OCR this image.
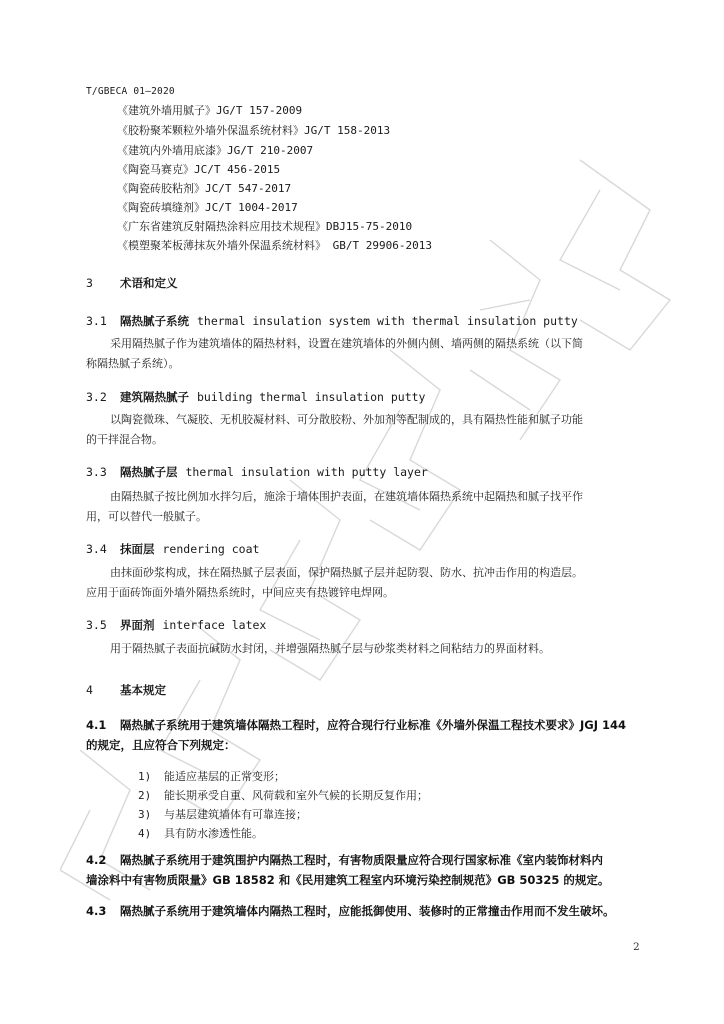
T/GBECA 01—2020
《建筑外墙用腻子》JG/T 157-2009
《胶粉聚苯颗粒外墙外保温系统材料》JG/T 158-2013
《建筑内外墙用底漆》JG/T 210-2007
《陶瓷马赛克》JC/T 456-2015
《陶瓷砖胶粘剂》JC/T 547-2017
《陶瓷砖填缝剂》JC/T 1004-2017
《广东省建筑反射隔热涂料应用技术规程》DBJ15-75-2010
《模塑聚苯板薄抹灰外墙外保温系统材料》 GB/T 29906-2013
3 术语和定义
3.1 隔热腻子系统 thermal insulation system with thermal insulation putty
采用隔热腻子作为建筑墙体的隔热材料，设置在建筑墙体的外侧内侧、墙两侧的隔热系统（以下简
称隔热腻子系统）。
3.2 建筑隔热腻子 building thermal insulation putty
以陶瓷微珠、气凝胶、无机胶凝材料、可分散胶粉、外加剂等配制成的，具有隔热性能和腻子功能
的干拌混合物。
3.3 隔热腻子层 thermal insulation with putty layer
由隔热腻子按比例加水拌匀后，施涂于墙体围护表面，在建筑墙体隔热系统中起隔热和腻子找平作
用，可以替代一般腻子。
3.4 抹面层 rendering coat
由抹面砂浆构成，抹在隔热腻子层表面，保护隔热腻子层并起防裂、防水、抗冲击作用的构造层。
应用于面砖饰面外墙外隔热系统时，中间应夹有热镀锌电焊网。
3.5 界面剂 interface latex
用于隔热腻子表面抗碱防水封闭，并增强隔热腻子层与砂浆类材料之间粘结力的界面材料。
4 基本规定
4.1 隔热腻子系统用于建筑墙体隔热工程时，应符合现行行业标准《外墙外保温工程技术要求》JGJ 144
的规定，且应符合下列规定：
1) 能适应基层的正常变形；
2) 能长期承受自重、风荷载和室外气候的长期反复作用；
3) 与基层建筑墙体有可靠连接；
4) 具有防水渗透性能。
4.2 隔热腻子系统用于建筑围护内隔热工程时，有害物质限量应符合现行国家标准《室内装饰材料内
墙涂料中有害物质限量》GB 18582 和《民用建筑工程室内环境污染控制规范》GB 50325 的规定。
4.3 隔热腻子系统用于建筑墙体内隔热工程时，应能抵御使用、装修时的正常撞击作用而不发生破坏。
2
